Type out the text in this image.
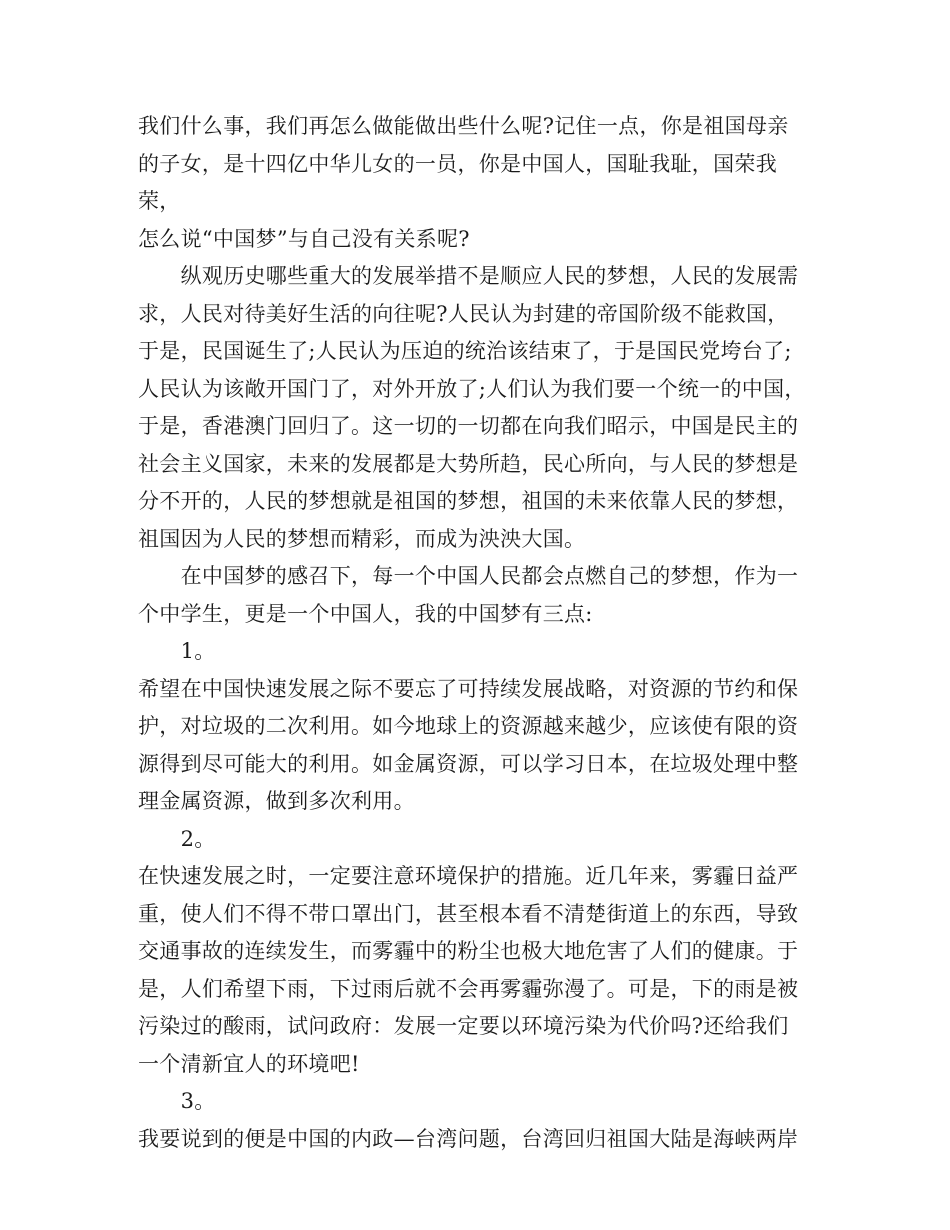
我们什么事，我们再怎么做能做出些什么呢?记住一点，你是祖国母亲
的子女，是十四亿中华儿女的一员，你是中国人，国耻我耻，国荣我荣，
怎么说“中国梦”与自己没有关系呢?

　　纵观历史哪些重大的发展举措不是顺应人民的梦想，人民的发展需
求，人民对待美好生活的向往呢?人民认为封建的帝国阶级不能救国，
于是，民国诞生了;人民认为压迫的统治该结束了，于是国民党垮台了;
人民认为该敞开国门了，对外开放了;人们认为我们要一个统一的中国，
于是，香港澳门回归了。这一切的一切都在向我们昭示，中国是民主的
社会主义国家，未来的发展都是大势所趋，民心所向，与人民的梦想是
分不开的，人民的梦想就是祖国的梦想，祖国的未来依靠人民的梦想，
祖国因为人民的梦想而精彩，而成为泱泱大国。

　　在中国梦的感召下，每一个中国人民都会点燃自己的梦想，作为一
个中学生，更是一个中国人，我的中国梦有三点:

　　1。

希望在中国快速发展之际不要忘了可持续发展战略，对资源的节约和保
护，对垃圾的二次利用。如今地球上的资源越来越少，应该使有限的资
源得到尽可能大的利用。如金属资源，可以学习日本，在垃圾处理中整
理金属资源，做到多次利用。

　　2。

在快速发展之时，一定要注意环境保护的措施。近几年来，雾霾日益严
重，使人们不得不带口罩出门，甚至根本看不清楚街道上的东西，导致
交通事故的连续发生，而雾霾中的粉尘也极大地危害了人们的健康。于
是，人们希望下雨，下过雨后就不会再雾霾弥漫了。可是，下的雨是被
污染过的酸雨，试问政府：发展一定要以环境污染为代价吗?还给我们
一个清新宜人的环境吧!

　　3。

我要说到的便是中国的内政—台湾问题，台湾回归祖国大陆是海峡两岸
